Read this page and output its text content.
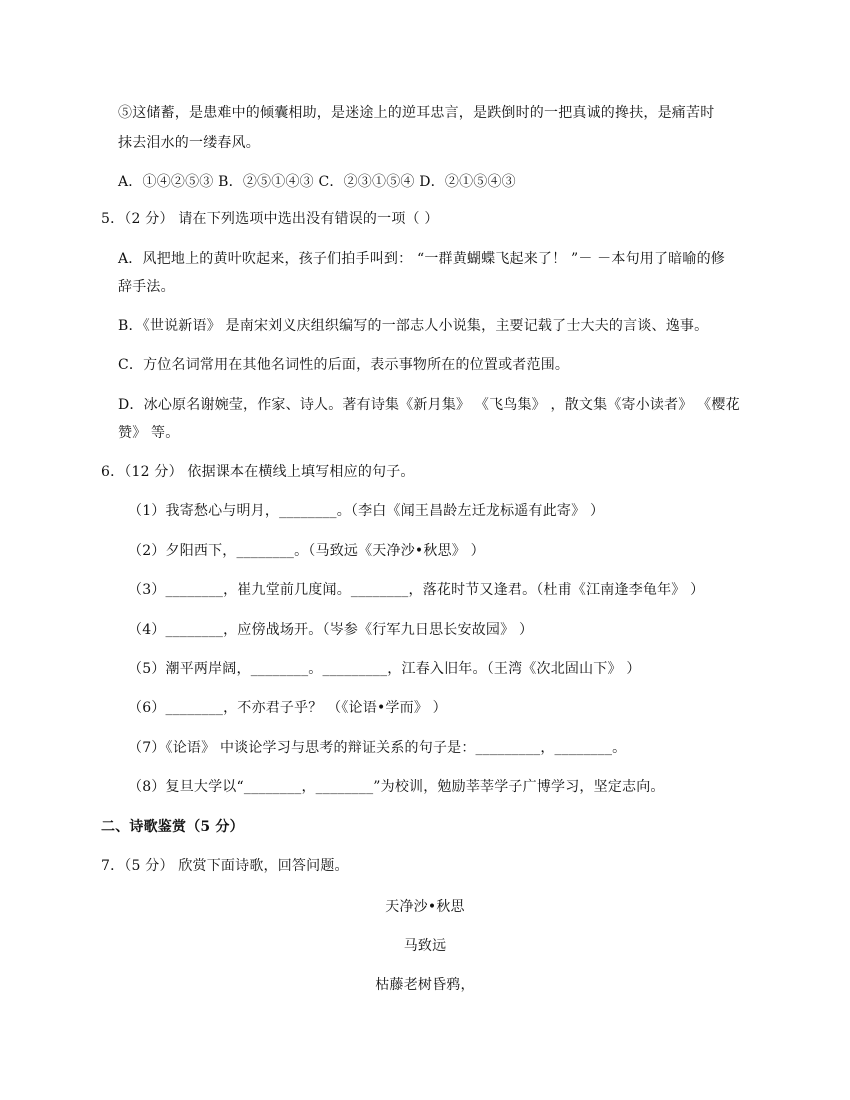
⑤这储蓄，是患难中的倾囊相助，是迷途上的逆耳忠言，是跌倒时的一把真诚的搀扶，是痛苦时
抹去泪水的一缕春风。
A．①④②⑤③ B．②⑤①④③ C．②③①⑤④ D．②①⑤④③
5．（2 分） 请在下列选项中选出没有错误的一项（ ）
A．风把地上的黄叶吹起来，孩子们拍手叫到： “一群黄蝴蝶飞起来了！ ”－ －本句用了暗喻的修
辞手法。
B．《世说新语》 是南宋刘义庆组织编写的一部志人小说集，主要记载了士大夫的言谈、逸事。
C．方位名词常用在其他名词性的后面，表示事物所在的位置或者范围。
D．冰心原名谢婉莹，作家、诗人。著有诗集《新月集》 《飞鸟集》 ，散文集《寄小读者》 《樱花
赞》 等。
6．（12 分） 依据课本在横线上填写相应的句子。
（1）我寄愁心与明月，________。（李白《闻王昌龄左迁龙标遥有此寄》 ）
（2）夕阳西下，________。（马致远《天净沙•秋思》 ）
（3）________，崔九堂前几度闻。________，落花时节又逢君。（杜甫《江南逢李龟年》 ）
（4）________，应傍战场开。（岑参《行军九日思长安故园》 ）
（5）潮平两岸阔，________。_________，江春入旧年。（王湾《次北固山下》 ）
（6）________，不亦君子乎？ （《论语•学而》 ）
（7）《论语》 中谈论学习与思考的辩证关系的句子是：_________，________。
（8）复旦大学以“________，________”为校训，勉励莘莘学子广博学习，坚定志向。
二、诗歌鉴赏（5 分）
7．（5 分） 欣赏下面诗歌，回答问题。
天净沙•秋思
马致远
枯藤老树昏鸦，
